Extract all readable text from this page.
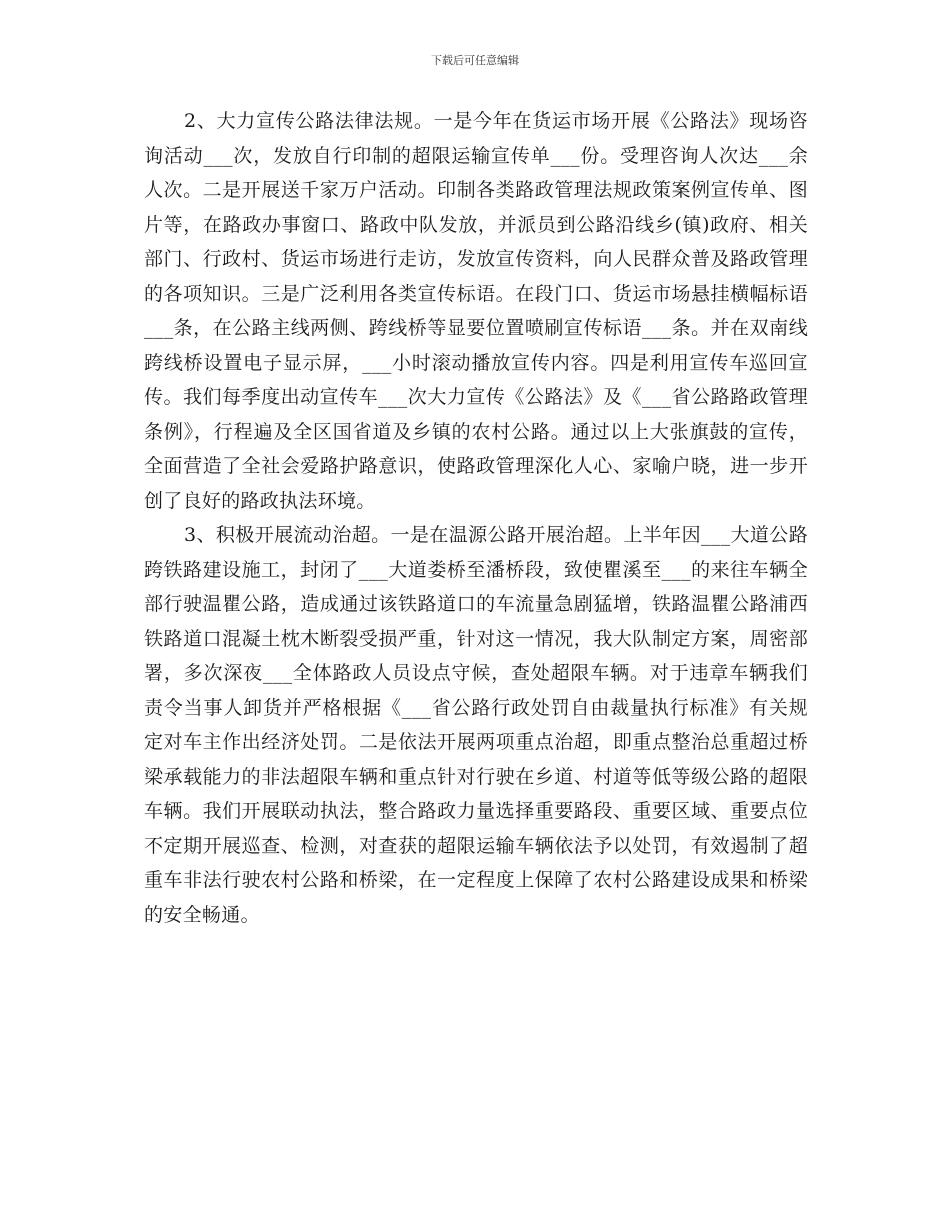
下载后可任意编辑

2、大力宣传公路法律法规。一是今年在货运市场开展《公路法》现场咨询活动___次，发放自行印制的超限运输宣传单___份。受理咨询人次达___余人次。二是开展送千家万户活动。印制各类路政管理法规政策案例宣传单、图片等，在路政办事窗口、路政中队发放，并派员到公路沿线乡(镇)政府、相关部门、行政村、货运市场进行走访，发放宣传资料，向人民群众普及路政管理的各项知识。三是广泛利用各类宣传标语。在段门口、货运市场悬挂横幅标语___条，在公路主线两侧、跨线桥等显要位置喷刷宣传标语___条。并在双南线跨线桥设置电子显示屏，___小时滚动播放宣传内容。四是利用宣传车巡回宣传。我们每季度出动宣传车___次大力宣传《公路法》及《___省公路路政管理条例》，行程遍及全区国省道及乡镇的农村公路。通过以上大张旗鼓的宣传，全面营造了全社会爱路护路意识，使路政管理深化人心、家喻户晓，进一步开创了良好的路政执法环境。

3、积极开展流动治超。一是在温源公路开展治超。上半年因___大道公路跨铁路建设施工，封闭了___大道娄桥至潘桥段，致使瞿溪至___的来往车辆全部行驶温瞿公路，造成通过该铁路道口的车流量急剧猛增，铁路温瞿公路浦西铁路道口混凝土枕木断裂受损严重，针对这一情况，我大队制定方案，周密部署，多次深夜___全体路政人员设点守候，查处超限车辆。对于违章车辆我们责令当事人卸货并严格根据《___省公路行政处罚自由裁量执行标准》有关规定对车主作出经济处罚。二是依法开展两项重点治超，即重点整治总重超过桥梁承载能力的非法超限车辆和重点针对行驶在乡道、村道等低等级公路的超限车辆。我们开展联动执法，整合路政力量选择重要路段、重要区域、重要点位不定期开展巡查、检测，对查获的超限运输车辆依法予以处罚，有效遏制了超重车非法行驶农村公路和桥梁，在一定程度上保障了农村公路建设成果和桥梁的安全畅通。
